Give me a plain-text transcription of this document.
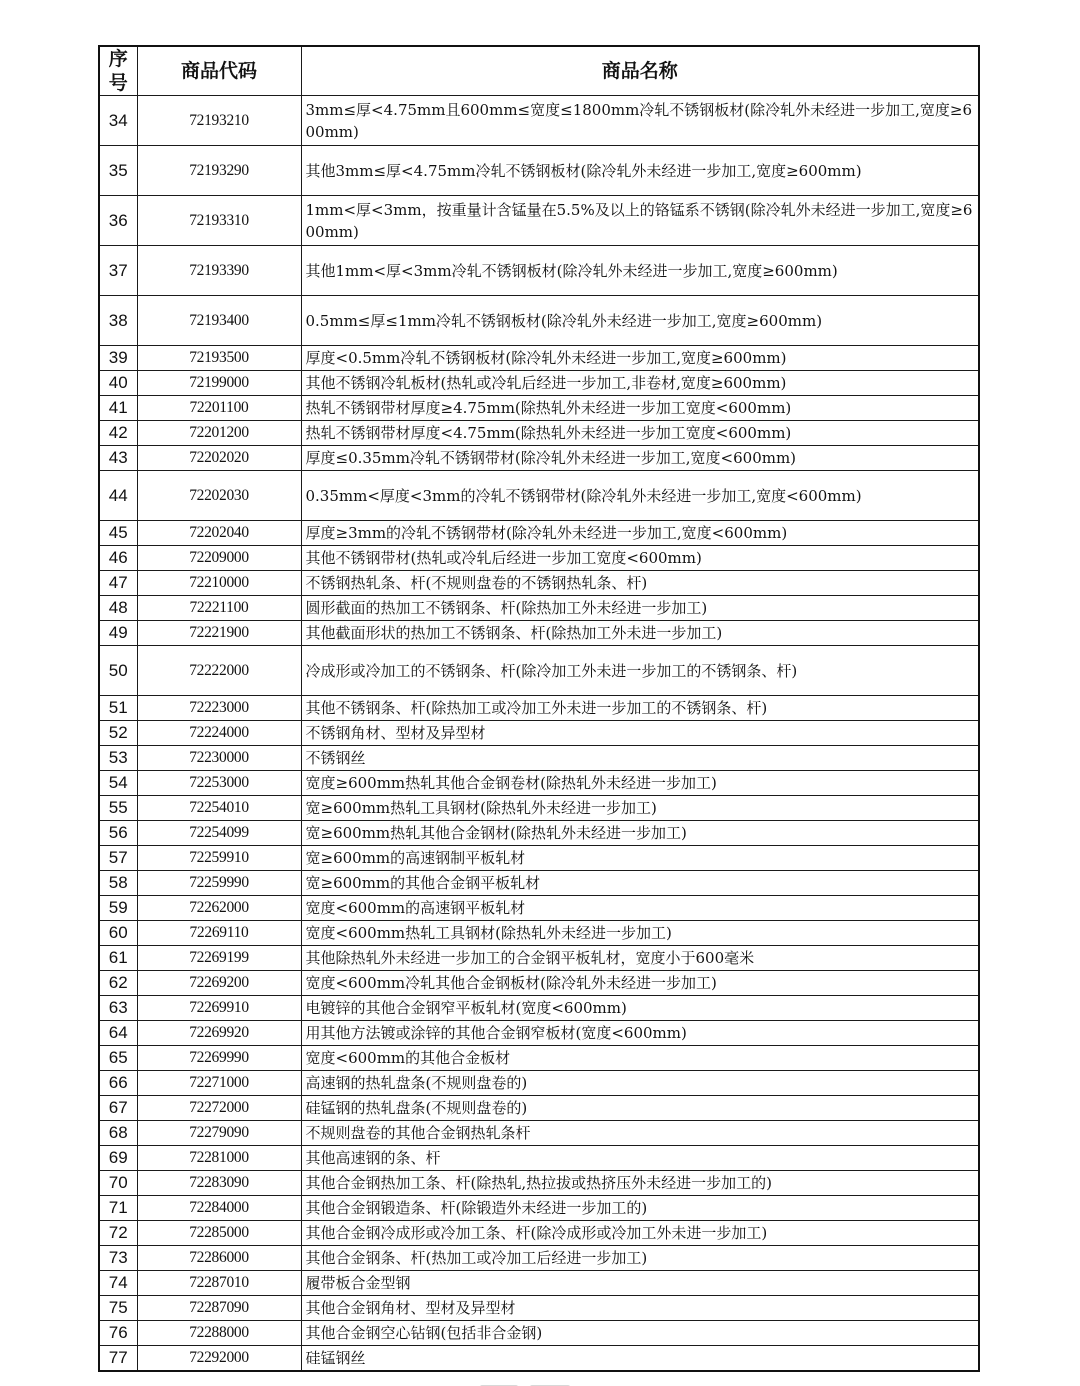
序号	商品代码	商品名称
34	72193210	3mm≤厚<4.75mm且600mm≤宽度≤1800mm冷轧不锈钢板材(除冷轧外未经进一步加工,宽度≥600mm)
35	72193290	其他3mm≤厚<4.75mm冷轧不锈钢板材(除冷轧外未经进一步加工,宽度≥600mm)
36	72193310	1mm<厚<3mm，按重量计含锰量在5.5%及以上的铬锰系不锈钢(除冷轧外未经进一步加工,宽度≥600mm)
37	72193390	其他1mm<厚<3mm冷轧不锈钢板材(除冷轧外未经进一步加工,宽度≥600mm)
38	72193400	0.5mm≤厚≤1mm冷轧不锈钢板材(除冷轧外未经进一步加工,宽度≥600mm)
39	72193500	厚度<0.5mm冷轧不锈钢板材(除冷轧外未经进一步加工,宽度≥600mm)
40	72199000	其他不锈钢冷轧板材(热轧或冷轧后经进一步加工,非卷材,宽度≥600mm)
41	72201100	热轧不锈钢带材厚度≥4.75mm(除热轧外未经进一步加工宽度<600mm)
42	72201200	热轧不锈钢带材厚度<4.75mm(除热轧外未经进一步加工宽度<600mm)
43	72202020	厚度≤0.35mm冷轧不锈钢带材(除冷轧外未经进一步加工,宽度<600mm)
44	72202030	0.35mm<厚度<3mm的冷轧不锈钢带材(除冷轧外未经进一步加工,宽度<600mm)
45	72202040	厚度≥3mm的冷轧不锈钢带材(除冷轧外未经进一步加工,宽度<600mm)
46	72209000	其他不锈钢带材(热轧或冷轧后经进一步加工宽度<600mm)
47	72210000	不锈钢热轧条、杆(不规则盘卷的不锈钢热轧条、杆)
48	72221100	圆形截面的热加工不锈钢条、杆(除热加工外未经进一步加工)
49	72221900	其他截面形状的热加工不锈钢条、杆(除热加工外未进一步加工)
50	72222000	冷成形或冷加工的不锈钢条、杆(除冷加工外未进一步加工的不锈钢条、杆)
51	72223000	其他不锈钢条、杆(除热加工或冷加工外未进一步加工的不锈钢条、杆)
52	72224000	不锈钢角材、型材及异型材
53	72230000	不锈钢丝
54	72253000	宽度≥600mm热轧其他合金钢卷材(除热轧外未经进一步加工)
55	72254010	宽≥600mm热轧工具钢材(除热轧外未经进一步加工)
56	72254099	宽≥600mm热轧其他合金钢材(除热轧外未经进一步加工)
57	72259910	宽≥600mm的高速钢制平板轧材
58	72259990	宽≥600mm的其他合金钢平板轧材
59	72262000	宽度<600mm的高速钢平板轧材
60	72269110	宽度<600mm热轧工具钢材(除热轧外未经进一步加工)
61	72269199	其他除热轧外未经进一步加工的合金钢平板轧材，宽度小于600毫米
62	72269200	宽度<600mm冷轧其他合金钢板材(除冷轧外未经进一步加工)
63	72269910	电镀锌的其他合金钢窄平板轧材(宽度<600mm)
64	72269920	用其他方法镀或涂锌的其他合金钢窄板材(宽度<600mm)
65	72269990	宽度<600mm的其他合金板材
66	72271000	高速钢的热轧盘条(不规则盘卷的)
67	72272000	硅锰钢的热轧盘条(不规则盘卷的)
68	72279090	不规则盘卷的其他合金钢热轧条杆
69	72281000	其他高速钢的条、杆
70	72283090	其他合金钢热加工条、杆(除热轧,热拉拔或热挤压外未经进一步加工的)
71	72284000	其他合金钢锻造条、杆(除锻造外未经进一步加工的)
72	72285000	其他合金钢冷成形或冷加工条、杆(除冷成形或冷加工外未进一步加工)
73	72286000	其他合金钢条、杆(热加工或冷加工后经进一步加工)
74	72287010	履带板合金型钢
75	72287090	其他合金钢角材、型材及异型材
76	72288000	其他合金钢空心钻钢(包括非合金钢)
77	72292000	硅锰钢丝
